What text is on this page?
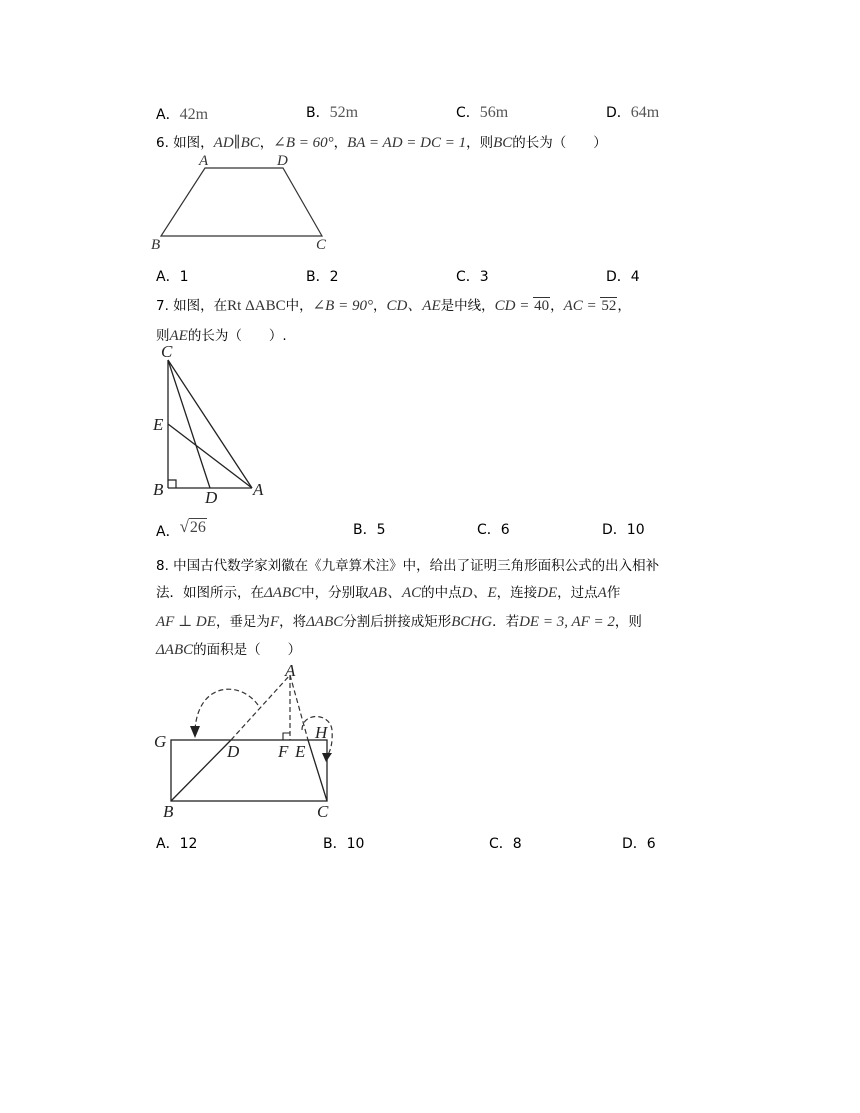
A．42m	B．52m	C．56m	D．64m
6. 如图，AD∥BC，∠B = 60°，BA = AD = DC = 1，则BC的长为（　　）
A	D
B	C
A．1	B．2	C．3	D．4
7. 如图，在Rt ΔABC中，∠B = 90°，CD、AE是中线，CD = 40，AC = 52，
则AE的长为（　　）.
C
E
B D A
A．√26	B．5	C．6	D．10
8. 中国古代数学家刘徽在《九章算术注》中，给出了证明三角形面积公式的出入相补
法．如图所示，在ΔABC中，分别取AB、AC的中点D、E，连接DE，过点A作
AF ⊥ DE，垂足为F，将ΔABC分割后拼接成矩形BCHG．若DE = 3, AF = 2，则
ΔABC的面积是（　　）
A
G
D F E
H
B	C
A．12	B．10	C．8	D．6
